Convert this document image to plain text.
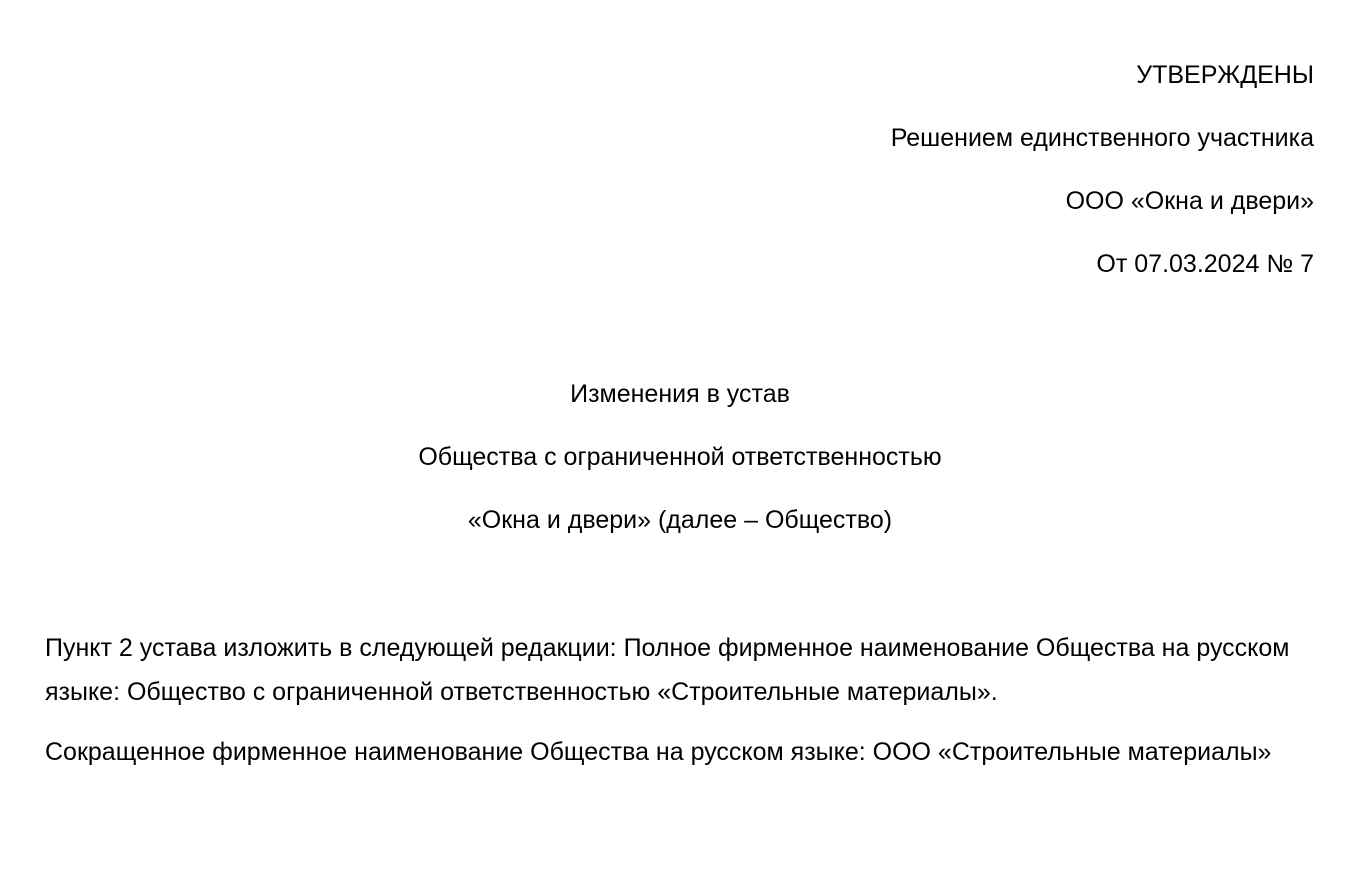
УТВЕРЖДЕНЫ
Решением единственного участника
ООО «Окна и двери»
От 07.03.2024 № 7
Изменения в устав
Общества с ограниченной ответственностью
«Окна и двери» (далее – Общество)

Пункт 2 устава изложить в следующей редакции: Полное фирменное наименование Общества на русском языке: Общество с ограниченной ответственностью «Строительные материалы».

Сокращенное фирменное наименование Общества на русском языке: ООО «Строительные материалы»
